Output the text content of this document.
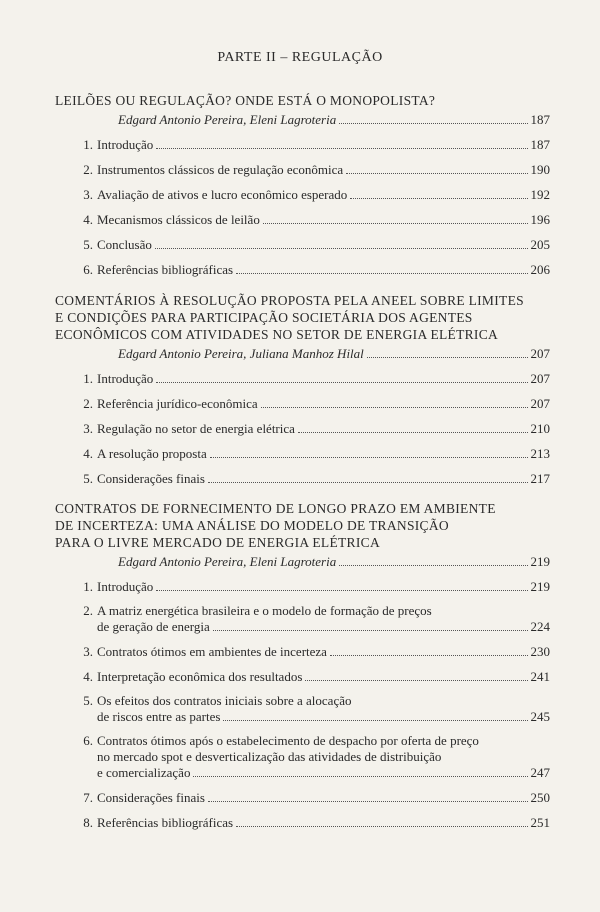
PARTE II – REGULAÇÃO
LEILÕES OU REGULAÇÃO? ONDE ESTÁ O MONOPOLISTA?
Edgard Antonio Pereira, Eleni Lagroteria	187
1. Introdução	187
2. Instrumentos clássicos de regulação econômica	190
3. Avaliação de ativos e lucro econômico esperado	192
4. Mecanismos clássicos de leilão	196
5. Conclusão	205
6. Referências bibliográficas	206
COMENTÁRIOS À RESOLUÇÃO PROPOSTA PELA ANEEL SOBRE LIMITES
E CONDIÇÕES PARA PARTICIPAÇÃO SOCIETÁRIA DOS AGENTES
ECONÔMICOS COM ATIVIDADES NO SETOR DE ENERGIA ELÉTRICA
Edgard Antonio Pereira, Juliana Manhoz Hilal	207
1. Introdução	207
2. Referência jurídico-econômica	207
3. Regulação no setor de energia elétrica	210
4. A resolução proposta	213
5. Considerações finais	217
CONTRATOS DE FORNECIMENTO DE LONGO PRAZO EM AMBIENTE
DE INCERTEZA: UMA ANÁLISE DO MODELO DE TRANSIÇÃO
PARA O LIVRE MERCADO DE ENERGIA ELÉTRICA
Edgard Antonio Pereira, Eleni Lagroteria	219
1. Introdução	219
2. A matriz energética brasileira e o modelo de formação de preços
de geração de energia	224
3. Contratos ótimos em ambientes de incerteza	230
4. Interpretação econômica dos resultados	241
5. Os efeitos dos contratos iniciais sobre a alocação
de riscos entre as partes	245
6. Contratos ótimos após o estabelecimento de despacho por oferta de preço
no mercado spot e desverticalização das atividades de distribuição
e comercialização	247
7. Considerações finais	250
8. Referências bibliográficas	251
